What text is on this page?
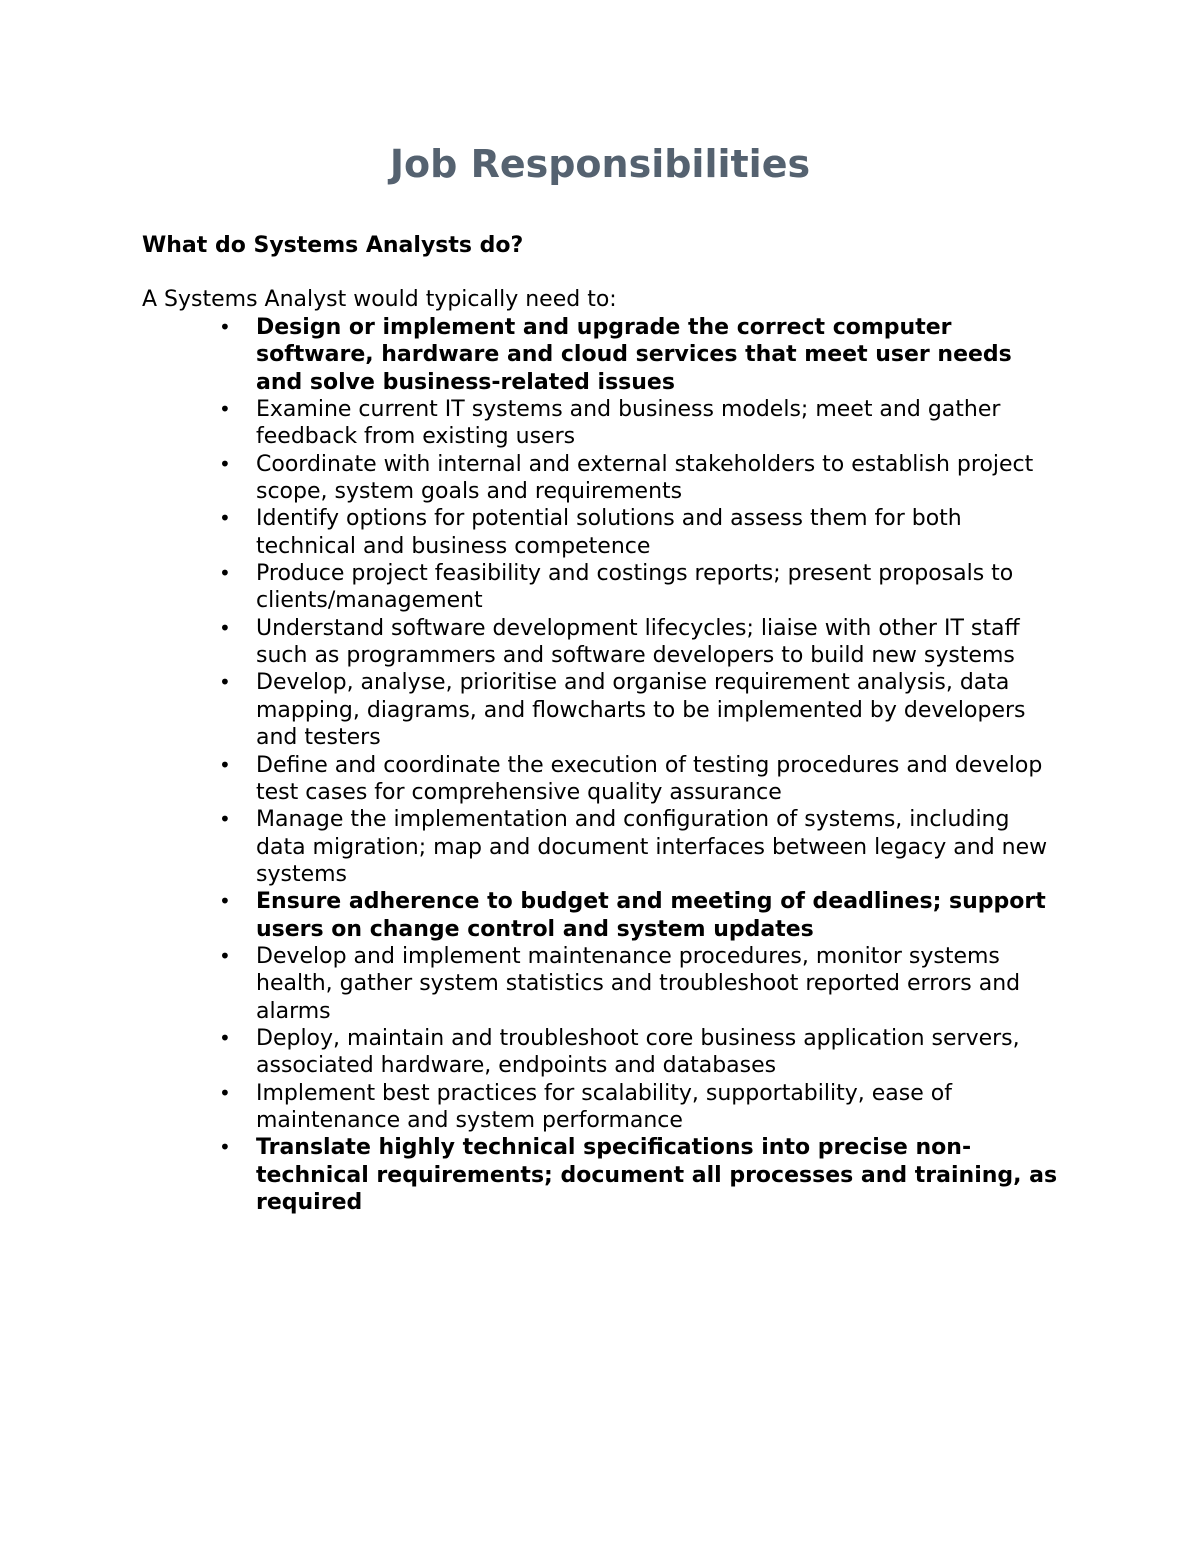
Job Responsibilities
What do Systems Analysts do?

A Systems Analyst would typically need to:

•	Design or implement and upgrade the correct computer software, hardware and cloud services that meet user needs and solve business-related issues
•	Examine current IT systems and business models; meet and gather feedback from existing users
•	Coordinate with internal and external stakeholders to establish project scope, system goals and requirements
•	Identify options for potential solutions and assess them for both technical and business competence
•	Produce project feasibility and costings reports; present proposals to clients/management
•	Understand software development lifecycles; liaise with other IT staff such as programmers and software developers to build new systems
•	Develop, analyse, prioritise and organise requirement analysis, data mapping, diagrams, and flowcharts to be implemented by developers and testers
•	Define and coordinate the execution of testing procedures and develop test cases for comprehensive quality assurance
•	Manage the implementation and configuration of systems, including data migration; map and document interfaces between legacy and new systems
•	Ensure adherence to budget and meeting of deadlines; support users on change control and system updates
•	Develop and implement maintenance procedures, monitor systems health, gather system statistics and troubleshoot reported errors and alarms
•	Deploy, maintain and troubleshoot core business application servers, associated hardware, endpoints and databases
•	Implement best practices for scalability, supportability, ease of maintenance and system performance
•	Translate highly technical specifications into precise non-technical requirements; document all processes and training, as required
